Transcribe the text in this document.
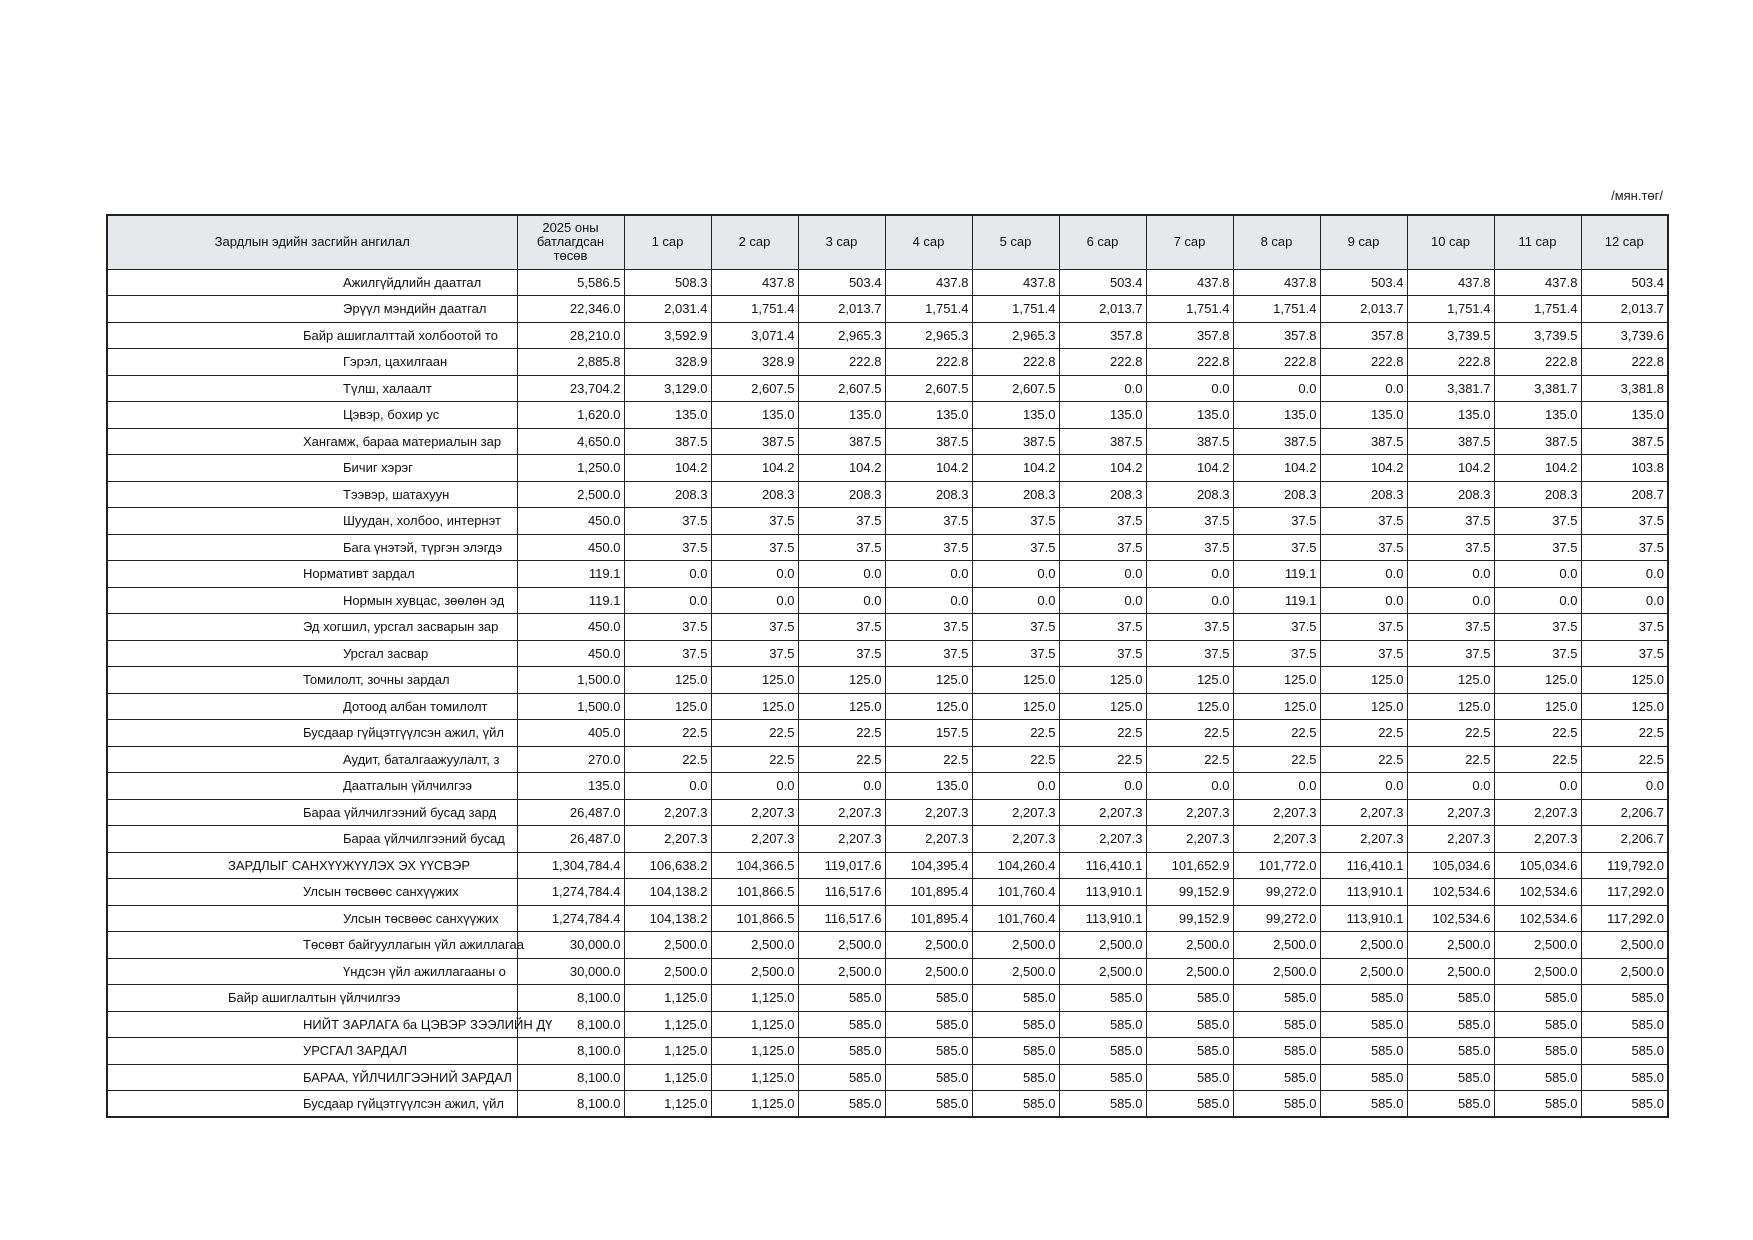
/мян.төг/
Зардлын эдийн засгийн ангилал	2025 оны батлагдсан төсөв	1 сар	2 сар	3 сар	4 сар	5 сар	6 сар	7 сар	8 сар	9 сар	10 сар	11 сар	12 сар
Ажилгүйдлийн даатгал	5,586.5	508.3	437.8	503.4	437.8	437.8	503.4	437.8	437.8	503.4	437.8	437.8	503.4
Эрүүл мэндийн даатгал	22,346.0	2,031.4	1,751.4	2,013.7	1,751.4	1,751.4	2,013.7	1,751.4	1,751.4	2,013.7	1,751.4	1,751.4	2,013.7
Байр ашиглалттай холбоотой то	28,210.0	3,592.9	3,071.4	2,965.3	2,965.3	2,965.3	357.8	357.8	357.8	357.8	3,739.5	3,739.5	3,739.6
Гэрэл, цахилгаан	2,885.8	328.9	328.9	222.8	222.8	222.8	222.8	222.8	222.8	222.8	222.8	222.8	222.8
Түлш, халаалт	23,704.2	3,129.0	2,607.5	2,607.5	2,607.5	2,607.5	0.0	0.0	0.0	0.0	3,381.7	3,381.7	3,381.8
Цэвэр, бохир ус	1,620.0	135.0	135.0	135.0	135.0	135.0	135.0	135.0	135.0	135.0	135.0	135.0	135.0
Хангамж, бараа материалын зар	4,650.0	387.5	387.5	387.5	387.5	387.5	387.5	387.5	387.5	387.5	387.5	387.5	387.5
Бичиг хэрэг	1,250.0	104.2	104.2	104.2	104.2	104.2	104.2	104.2	104.2	104.2	104.2	104.2	103.8
Тээвэр, шатахуун	2,500.0	208.3	208.3	208.3	208.3	208.3	208.3	208.3	208.3	208.3	208.3	208.3	208.7
Шуудан, холбоо, интернэт	450.0	37.5	37.5	37.5	37.5	37.5	37.5	37.5	37.5	37.5	37.5	37.5	37.5
Бага үнэтэй, түргэн элэгдэ	450.0	37.5	37.5	37.5	37.5	37.5	37.5	37.5	37.5	37.5	37.5	37.5	37.5
Нормативт зардал	119.1	0.0	0.0	0.0	0.0	0.0	0.0	0.0	119.1	0.0	0.0	0.0	0.0
Нормын хувцас, зөөлөн эд	119.1	0.0	0.0	0.0	0.0	0.0	0.0	0.0	119.1	0.0	0.0	0.0	0.0
Эд хогшил, урсгал засварын зар	450.0	37.5	37.5	37.5	37.5	37.5	37.5	37.5	37.5	37.5	37.5	37.5	37.5
Урсгал засвар	450.0	37.5	37.5	37.5	37.5	37.5	37.5	37.5	37.5	37.5	37.5	37.5	37.5
Томилолт, зочны зардал	1,500.0	125.0	125.0	125.0	125.0	125.0	125.0	125.0	125.0	125.0	125.0	125.0	125.0
Дотоод албан томилолт	1,500.0	125.0	125.0	125.0	125.0	125.0	125.0	125.0	125.0	125.0	125.0	125.0	125.0
Бусдаар гүйцэтгүүлсэн ажил, үйл	405.0	22.5	22.5	22.5	157.5	22.5	22.5	22.5	22.5	22.5	22.5	22.5	22.5
Аудит, баталгаажуулалт, з	270.0	22.5	22.5	22.5	22.5	22.5	22.5	22.5	22.5	22.5	22.5	22.5	22.5
Даатгалын үйлчилгээ	135.0	0.0	0.0	0.0	135.0	0.0	0.0	0.0	0.0	0.0	0.0	0.0	0.0
Бараа үйлчилгээний бусад зард	26,487.0	2,207.3	2,207.3	2,207.3	2,207.3	2,207.3	2,207.3	2,207.3	2,207.3	2,207.3	2,207.3	2,207.3	2,206.7
Бараа үйлчилгээний бусад	26,487.0	2,207.3	2,207.3	2,207.3	2,207.3	2,207.3	2,207.3	2,207.3	2,207.3	2,207.3	2,207.3	2,207.3	2,206.7
ЗАРДЛЫГ САНХҮҮЖҮҮЛЭХ ЭХ ҮҮСВЭР	1,304,784.4	106,638.2	104,366.5	119,017.6	104,395.4	104,260.4	116,410.1	101,652.9	101,772.0	116,410.1	105,034.6	105,034.6	119,792.0
Улсын төсвөөс санхүүжих	1,274,784.4	104,138.2	101,866.5	116,517.6	101,895.4	101,760.4	113,910.1	99,152.9	99,272.0	113,910.1	102,534.6	102,534.6	117,292.0
Улсын төсвөөс санхүүжих	1,274,784.4	104,138.2	101,866.5	116,517.6	101,895.4	101,760.4	113,910.1	99,152.9	99,272.0	113,910.1	102,534.6	102,534.6	117,292.0
Төсөвт байгууллагын үйл ажиллагаа	30,000.0	2,500.0	2,500.0	2,500.0	2,500.0	2,500.0	2,500.0	2,500.0	2,500.0	2,500.0	2,500.0	2,500.0	2,500.0
Үндсэн үйл ажиллагааны о	30,000.0	2,500.0	2,500.0	2,500.0	2,500.0	2,500.0	2,500.0	2,500.0	2,500.0	2,500.0	2,500.0	2,500.0	2,500.0
Байр ашиглалтын үйлчилгээ	8,100.0	1,125.0	1,125.0	585.0	585.0	585.0	585.0	585.0	585.0	585.0	585.0	585.0	585.0
НИЙТ ЗАРЛАГА ба ЦЭВЭР ЗЭЭЛИЙН ДҮ	8,100.0	1,125.0	1,125.0	585.0	585.0	585.0	585.0	585.0	585.0	585.0	585.0	585.0	585.0
УРСГАЛ ЗАРДАЛ	8,100.0	1,125.0	1,125.0	585.0	585.0	585.0	585.0	585.0	585.0	585.0	585.0	585.0	585.0
БАРАА, ҮЙЛЧИЛГЭЭНИЙ ЗАРДАЛ	8,100.0	1,125.0	1,125.0	585.0	585.0	585.0	585.0	585.0	585.0	585.0	585.0	585.0	585.0
Бусдаар гүйцэтгүүлсэн ажил, үйл	8,100.0	1,125.0	1,125.0	585.0	585.0	585.0	585.0	585.0	585.0	585.0	585.0	585.0	585.0
